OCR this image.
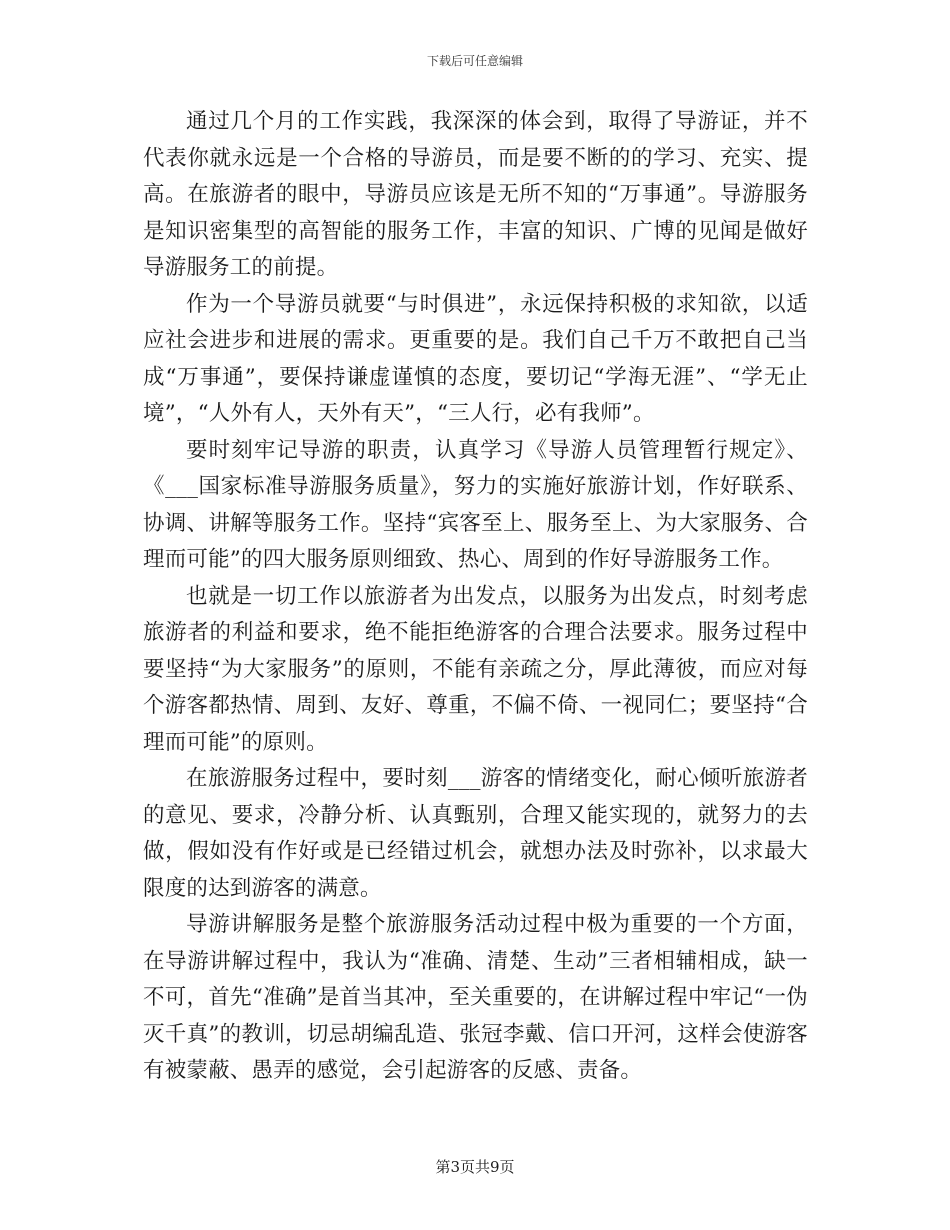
下载后可任意编辑

通过几个月的工作实践，我深深的体会到，取得了导游证，并不代表你就永远是一个合格的导游员，而是要不断的的学习、充实、提高。在旅游者的眼中，导游员应该是无所不知的“万事通”。导游服务是知识密集型的高智能的服务工作，丰富的知识、广博的见闻是做好导游服务工的前提。

作为一个导游员就要“与时俱进”，永远保持积极的求知欲，以适应社会进步和进展的需求。更重要的是。我们自己千万不敢把自己当成“万事通”，要保持谦虚谨慎的态度，要切记“学海无涯”、“学无止境”，“人外有人，天外有天”，“三人行，必有我师”。

要时刻牢记导游的职责，认真学习《导游人员管理暂行规定》、《___国家标准导游服务质量》，努力的实施好旅游计划，作好联系、协调、讲解等服务工作。坚持“宾客至上、服务至上、为大家服务、合理而可能”的四大服务原则细致、热心、周到的作好导游服务工作。

也就是一切工作以旅游者为出发点，以服务为出发点，时刻考虑旅游者的利益和要求，绝不能拒绝游客的合理合法要求。服务过程中要坚持“为大家服务”的原则，不能有亲疏之分，厚此薄彼，而应对每个游客都热情、周到、友好、尊重，不偏不倚、一视同仁；要坚持“合理而可能”的原则。

在旅游服务过程中，要时刻___游客的情绪变化，耐心倾听旅游者的意见、要求，冷静分析、认真甄别，合理又能实现的，就努力的去做，假如没有作好或是已经错过机会，就想办法及时弥补，以求最大限度的达到游客的满意。

导游讲解服务是整个旅游服务活动过程中极为重要的一个方面，在导游讲解过程中，我认为“准确、清楚、生动”三者相辅相成，缺一不可，首先“准确”是首当其冲，至关重要的，在讲解过程中牢记“一伪灭千真”的教训，切忌胡编乱造、张冠李戴、信口开河，这样会使游客有被蒙蔽、愚弄的感觉，会引起游客的反感、责备。

第3页共9页
